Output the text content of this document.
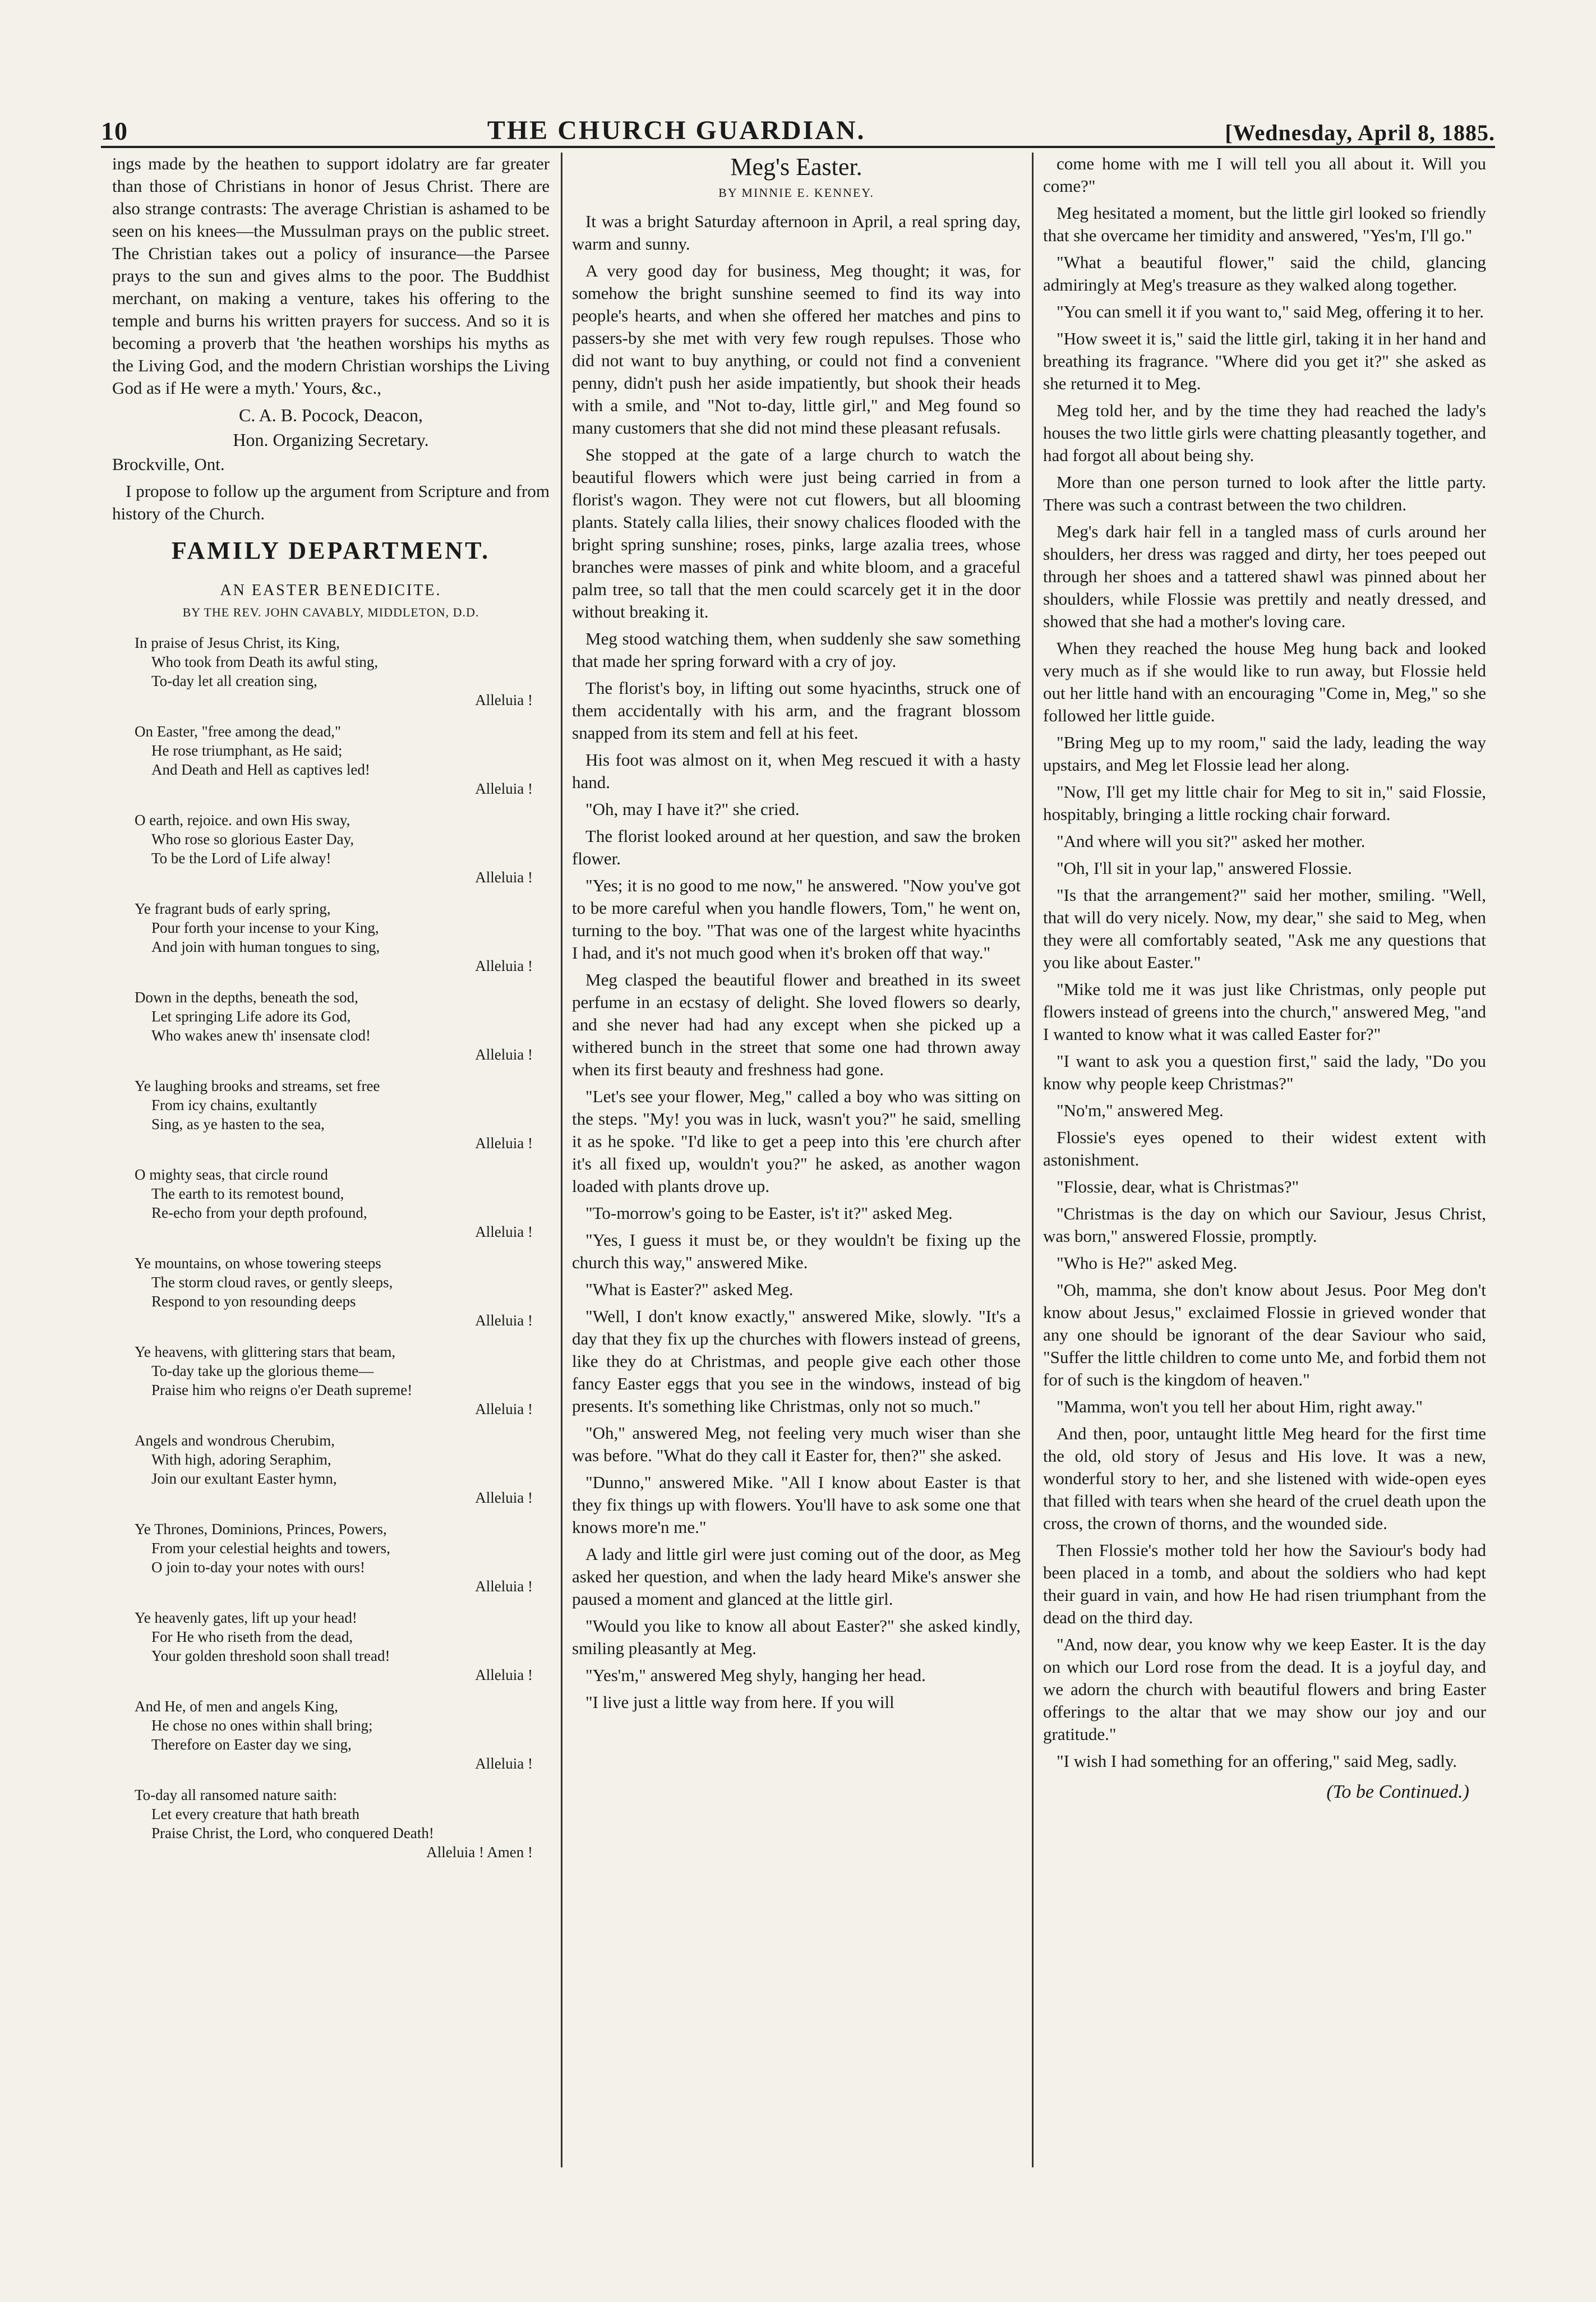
10	THE CHURCH GUARDIAN.	[Wednesday, April 8, 1885.

ings made by the heathen to support idolatry are far greater than those of Christians in honor of Jesus Christ. There are also strange contrasts: The average Christian is ashamed to be seen on his knees—the Mussulman prays on the public street. The Christian takes out a policy of insurance—the Parsee prays to the sun and gives alms to the poor. The Buddhist merchant, on making a venture, takes his offering to the temple and burns his written prayers for success. And so it is becoming a proverb that 'the heathen worships his myths as the Living God, and the modern Christian worships the Living God as if He were a myth.' Yours, &c.,

C. A. B. Pocock, Deacon,
Hon. Organizing Secretary.

Brockville, Ont.

I propose to follow up the argument from Scripture and from history of the Church.

FAMILY DEPARTMENT.
AN EASTER BENEDICITE.
BY THE REV. JOHN CAVABLY, MIDDLETON, D.D.
In praise of Jesus Christ, its King,
Who took from Death its awful sting,
To-day let all creation sing,
Alleluia !
On Easter, "free among the dead,"
He rose triumphant, as He said;
And Death and Hell as captives led!
Alleluia !
O earth, rejoice. and own His sway,
Who rose so glorious Easter Day,
To be the Lord of Life alway!
Alleluia !
Ye fragrant buds of early spring,
Pour forth your incense to your King,
And join with human tongues to sing,
Alleluia !
Down in the depths, beneath the sod,
Let springing Life adore its God,
Who wakes anew th' insensate clod!
Alleluia !
Ye laughing brooks and streams, set free
From icy chains, exultantly
Sing, as ye hasten to the sea,
Alleluia !
O mighty seas, that circle round
The earth to its remotest bound,
Re-echo from your depth profound,
Alleluia !
Ye mountains, on whose towering steeps
The storm cloud raves, or gently sleeps,
Respond to yon resounding deeps
Alleluia !
Ye heavens, with glittering stars that beam,
To-day take up the glorious theme—
Praise him who reigns o'er Death supreme!
Alleluia !
Angels and wondrous Cherubim,
With high, adoring Seraphim,
Join our exultant Easter hymn,
Alleluia !
Ye Thrones, Dominions, Princes, Powers,
From your celestial heights and towers,
O join to-day your notes with ours!
Alleluia !
Ye heavenly gates, lift up your head!
For He who riseth from the dead,
Your golden threshold soon shall tread!
Alleluia !
And He, of men and angels King,
He chose no ones within shall bring;
Therefore on Easter day we sing,
Alleluia !
To-day all ransomed nature saith:
Let every creature that hath breath
Praise Christ, the Lord, who conquered Death!
Alleluia ! Amen !
Meg's Easter.
BY MINNIE E. KENNEY.

It was a bright Saturday afternoon in April, a real spring day, warm and sunny.

A very good day for business, Meg thought; it was, for somehow the bright sunshine seemed to find its way into people's hearts, and when she offered her matches and pins to passers-by she met with very few rough repulses. Those who did not want to buy anything, or could not find a convenient penny, didn't push her aside impatiently, but shook their heads with a smile, and "Not to-day, little girl," and Meg found so many customers that she did not mind these pleasant refusals.

She stopped at the gate of a large church to watch the beautiful flowers which were just being carried in from a florist's wagon. They were not cut flowers, but all blooming plants. Stately calla lilies, their snowy chalices flooded with the bright spring sunshine; roses, pinks, large azalia trees, whose branches were masses of pink and white bloom, and a graceful palm tree, so tall that the men could scarcely get it in the door without breaking it.

Meg stood watching them, when suddenly she saw something that made her spring forward with a cry of joy.

The florist's boy, in lifting out some hyacinths, struck one of them accidentally with his arm, and the fragrant blossom snapped from its stem and fell at his feet.

His foot was almost on it, when Meg rescued it with a hasty hand.

"Oh, may I have it?" she cried.

The florist looked around at her question, and saw the broken flower.

"Yes; it is no good to me now," he answered. "Now you've got to be more careful when you handle flowers, Tom," he went on, turning to the boy. "That was one of the largest white hyacinths I had, and it's not much good when it's broken off that way."

Meg clasped the beautiful flower and breathed in its sweet perfume in an ecstasy of delight. She loved flowers so dearly, and she never had had any except when she picked up a withered bunch in the street that some one had thrown away when its first beauty and freshness had gone.

"Let's see your flower, Meg," called a boy who was sitting on the steps. "My! you was in luck, wasn't you?" he said, smelling it as he spoke. "I'd like to get a peep into this 'ere church after it's all fixed up, wouldn't you?" he asked, as another wagon loaded with plants drove up.

"To-morrow's going to be Easter, is't it?" asked Meg.

"Yes, I guess it must be, or they wouldn't be fixing up the church this way," answered Mike.

"What is Easter?" asked Meg.

"Well, I don't know exactly," answered Mike, slowly. "It's a day that they fix up the churches with flowers instead of greens, like they do at Christmas, and people give each other those fancy Easter eggs that you see in the windows, instead of big presents. It's something like Christmas, only not so much."

"Oh," answered Meg, not feeling very much wiser than she was before. "What do they call it Easter for, then?" she asked.

"Dunno," answered Mike. "All I know about Easter is that they fix things up with flowers. You'll have to ask some one that knows more'n me."

A lady and little girl were just coming out of the door, as Meg asked her question, and when the lady heard Mike's answer she paused a moment and glanced at the little girl.

"Would you like to know all about Easter?" she asked kindly, smiling pleasantly at Meg.

"Yes'm," answered Meg shyly, hanging her head.

"I live just a little way from here. If you will

come home with me I will tell you all about it. Will you come?"

Meg hesitated a moment, but the little girl looked so friendly that she overcame her timidity and answered, "Yes'm, I'll go."

"What a beautiful flower," said the child, glancing admiringly at Meg's treasure as they walked along together.

"You can smell it if you want to," said Meg, offering it to her.

"How sweet it is," said the little girl, taking it in her hand and breathing its fragrance. "Where did you get it?" she asked as she returned it to Meg.

Meg told her, and by the time they had reached the lady's houses the two little girls were chatting pleasantly together, and had forgot all about being shy.

More than one person turned to look after the little party. There was such a contrast between the two children.

Meg's dark hair fell in a tangled mass of curls around her shoulders, her dress was ragged and dirty, her toes peeped out through her shoes and a tattered shawl was pinned about her shoulders, while Flossie was prettily and neatly dressed, and showed that she had a mother's loving care.

When they reached the house Meg hung back and looked very much as if she would like to run away, but Flossie held out her little hand with an encouraging "Come in, Meg," so she followed her little guide.

"Bring Meg up to my room," said the lady, leading the way upstairs, and Meg let Flossie lead her along.

"Now, I'll get my little chair for Meg to sit in," said Flossie, hospitably, bringing a little rocking chair forward.

"And where will you sit?" asked her mother.

"Oh, I'll sit in your lap," answered Flossie.

"Is that the arrangement?" said her mother, smiling. "Well, that will do very nicely. Now, my dear," she said to Meg, when they were all comfortably seated, "Ask me any questions that you like about Easter."

"Mike told me it was just like Christmas, only people put flowers instead of greens into the church," answered Meg, "and I wanted to know what it was called Easter for?"

"I want to ask you a question first," said the lady, "Do you know why people keep Christmas?"

"No'm," answered Meg.

Flossie's eyes opened to their widest extent with astonishment.

"Flossie, dear, what is Christmas?"

"Christmas is the day on which our Saviour, Jesus Christ, was born," answered Flossie, promptly.

"Who is He?" asked Meg.

"Oh, mamma, she don't know about Jesus. Poor Meg don't know about Jesus," exclaimed Flossie in grieved wonder that any one should be ignorant of the dear Saviour who said, "Suffer the little children to come unto Me, and forbid them not for of such is the kingdom of heaven."

"Mamma, won't you tell her about Him, right away."

And then, poor, untaught little Meg heard for the first time the old, old story of Jesus and His love. It was a new, wonderful story to her, and she listened with wide-open eyes that filled with tears when she heard of the cruel death upon the cross, the crown of thorns, and the wounded side.

Then Flossie's mother told her how the Saviour's body had been placed in a tomb, and about the soldiers who had kept their guard in vain, and how He had risen triumphant from the dead on the third day.

"And, now dear, you know why we keep Easter. It is the day on which our Lord rose from the dead. It is a joyful day, and we adorn the church with beautiful flowers and bring Easter offerings to the altar that we may show our joy and our gratitude."

"I wish I had something for an offering," said Meg, sadly.

(To be Continued.)
